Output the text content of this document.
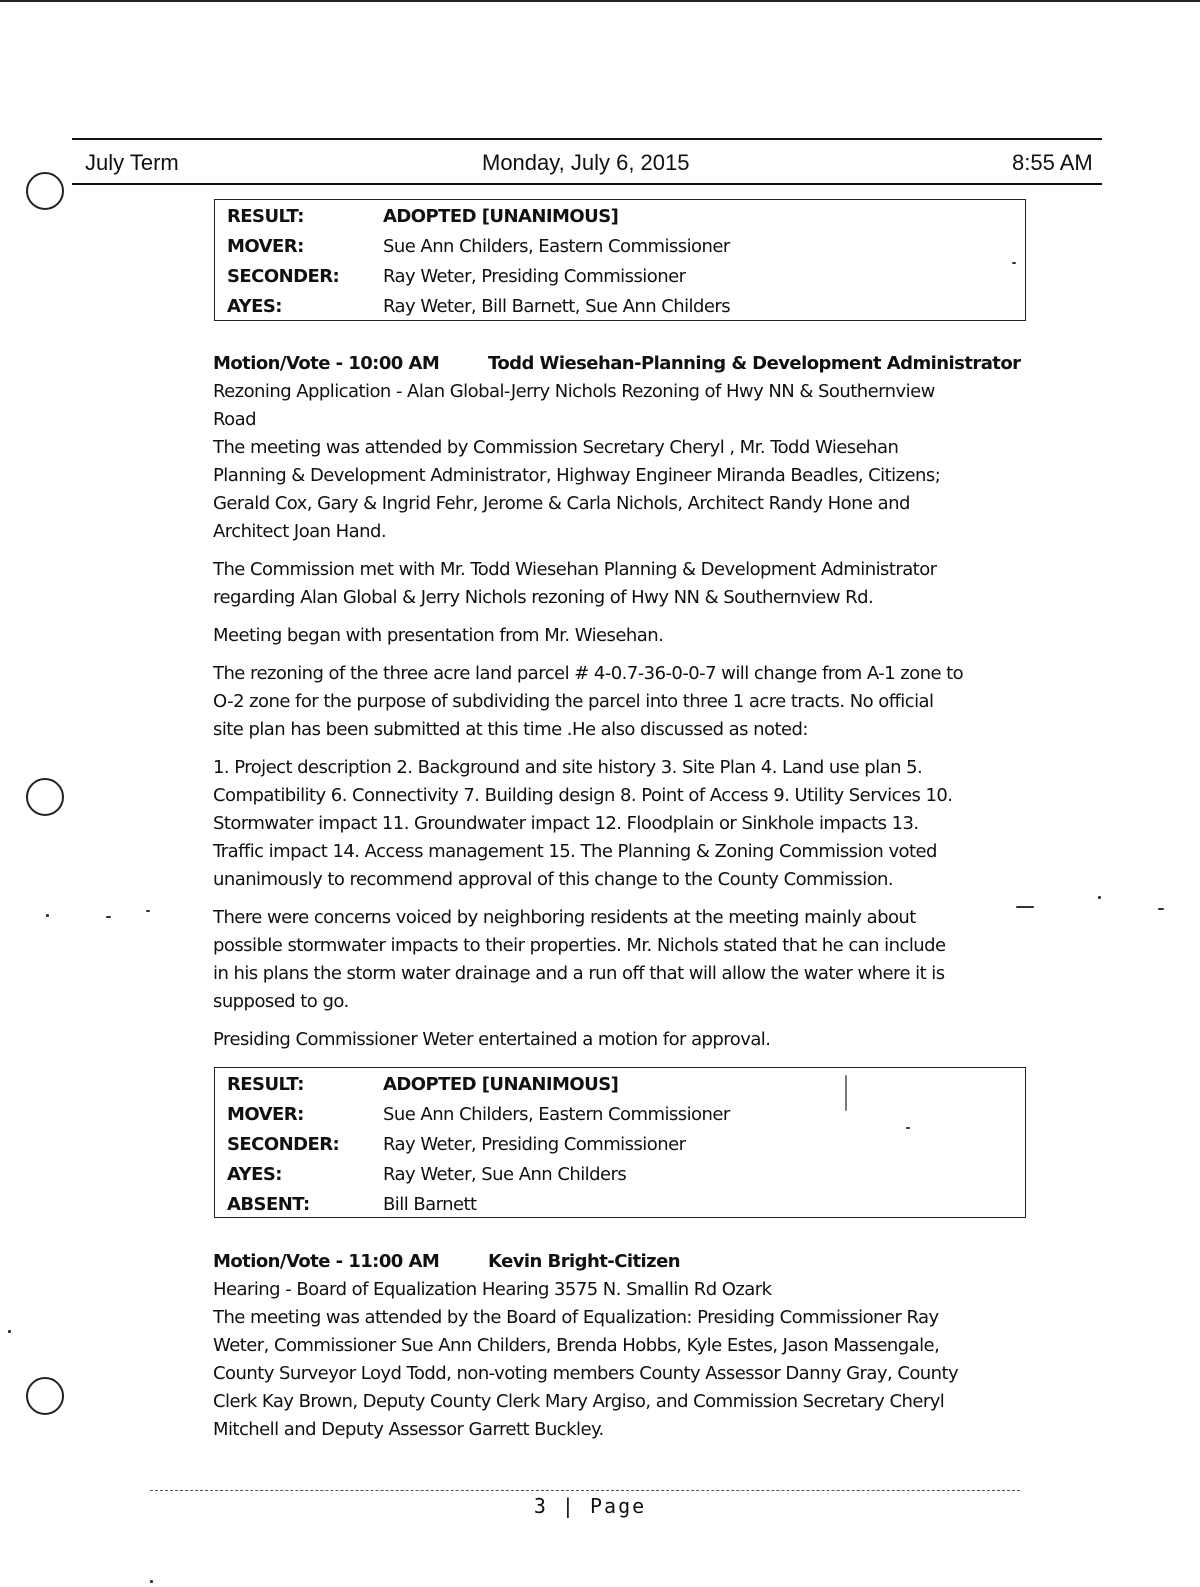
July Term	Monday, July 6, 2015	8:55 AM
RESULT:	ADOPTED [UNANIMOUS]
MOVER:	Sue Ann Childers, Eastern Commissioner
SECONDER:	Ray Weter, Presiding Commissioner
AYES:	Ray Weter, Bill Barnett, Sue Ann Childers
Motion/Vote - 10:00 AM	Todd Wiesehan-Planning & Development Administrator
Rezoning Application - Alan Global-Jerry Nichols Rezoning of Hwy NN & Southernview
Road
The meeting was attended by Commission Secretary Cheryl , Mr. Todd Wiesehan
Planning & Development Administrator, Highway Engineer Miranda Beadles, Citizens;
Gerald Cox, Gary & Ingrid Fehr, Jerome & Carla Nichols, Architect Randy Hone and
Architect Joan Hand.
The Commission met with Mr. Todd Wiesehan Planning & Development Administrator
regarding Alan Global & Jerry Nichols rezoning of Hwy NN & Southernview Rd.
Meeting began with presentation from Mr. Wiesehan.
The rezoning of the three acre land parcel # 4-0.7-36-0-0-7 will change from A-1 zone to
O-2 zone for the purpose of subdividing the parcel into three 1 acre tracts. No official
site plan has been submitted at this time .He also discussed as noted:
1. Project description 2. Background and site history 3. Site Plan 4. Land use plan 5.
Compatibility 6. Connectivity 7. Building design 8. Point of Access 9. Utility Services 10.
Stormwater impact 11. Groundwater impact 12. Floodplain or Sinkhole impacts 13.
Traffic impact 14. Access management 15. The Planning & Zoning Commission voted
unanimously to recommend approval of this change to the County Commission.
There were concerns voiced by neighboring residents at the meeting mainly about
possible stormwater impacts to their properties. Mr. Nichols stated that he can include
in his plans the storm water drainage and a run off that will allow the water where it is
supposed to go.
Presiding Commissioner Weter entertained a motion for approval.
RESULT:	ADOPTED [UNANIMOUS]
MOVER:	Sue Ann Childers, Eastern Commissioner
SECONDER:	Ray Weter, Presiding Commissioner
AYES:	Ray Weter, Sue Ann Childers
ABSENT:	Bill Barnett
Motion/Vote - 11:00 AM	Kevin Bright-Citizen
Hearing - Board of Equalization Hearing 3575 N. Smallin Rd Ozark
The meeting was attended by the Board of Equalization: Presiding Commissioner Ray
Weter, Commissioner Sue Ann Childers, Brenda Hobbs, Kyle Estes, Jason Massengale,
County Surveyor Loyd Todd, non-voting members County Assessor Danny Gray, County
Clerk Kay Brown, Deputy County Clerk Mary Argiso, and Commission Secretary Cheryl
Mitchell and Deputy Assessor Garrett Buckley.
3 | Page
